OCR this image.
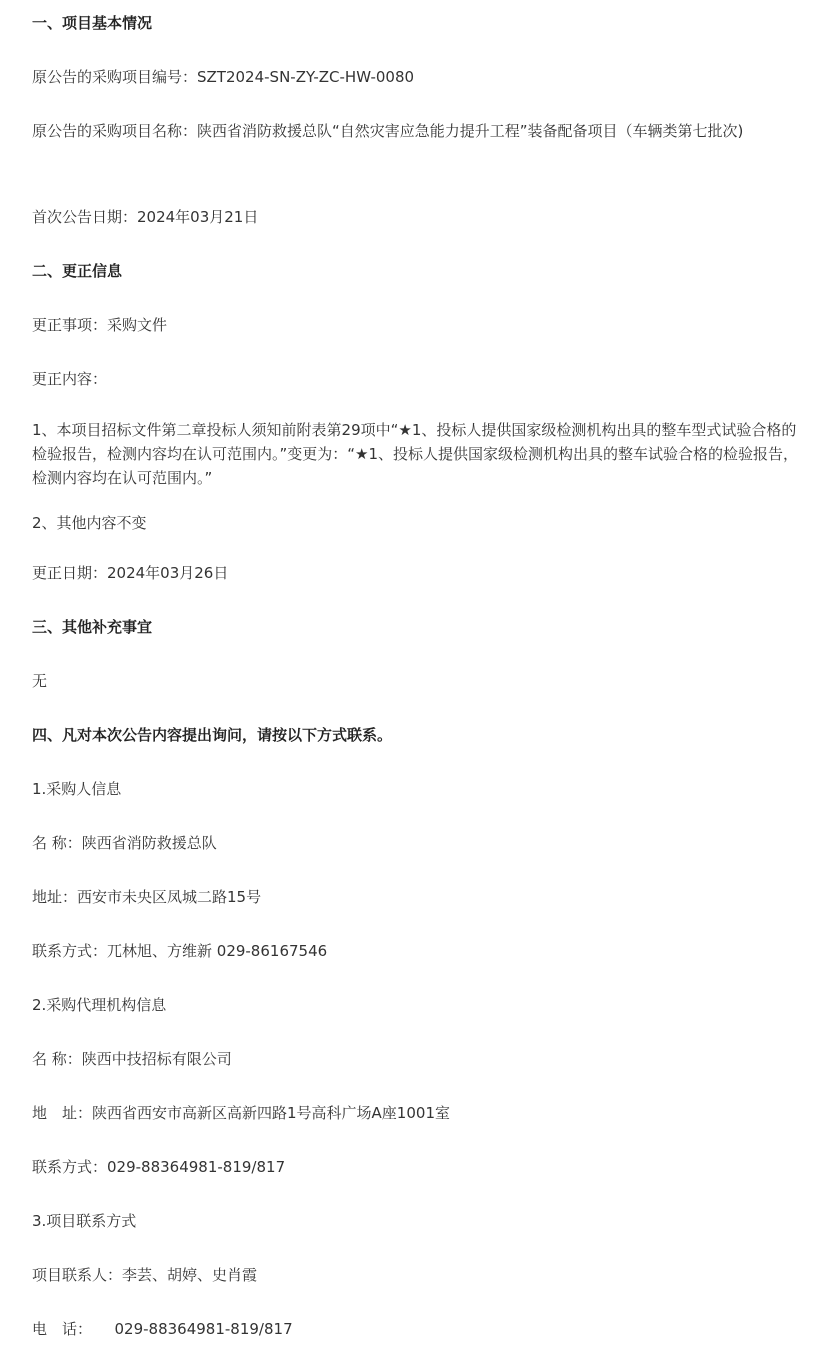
一、项目基本情况

原公告的采购项目编号：SZT2024-SN-ZY-ZC-HW-0080

原公告的采购项目名称：陕西省消防救援总队“自然灾害应急能力提升工程”装备配备项目（车辆类第七批次)

首次公告日期：2024年03月21日

二、更正信息

更正事项：采购文件

更正内容：

1、本项目招标文件第二章投标人须知前附表第29项中“★1、投标人提供国家级检测机构出具的整车型式试验合格的检验报告，检测内容均在认可范围内。”变更为：“★1、投标人提供国家级检测机构出具的整车试验合格的检验报告，检测内容均在认可范围内。”

2、其他内容不变

更正日期：2024年03月26日

三、其他补充事宜

无

四、凡对本次公告内容提出询问，请按以下方式联系。

1.采购人信息

名 称：陕西省消防救援总队

地址：西安市未央区凤城二路15号

联系方式：兀林旭、方维新 029-86167546

2.采购代理机构信息

名 称：陕西中技招标有限公司

地　址：陕西省西安市高新区高新四路1号高科广场A座1001室

联系方式：029-88364981-819/817

3.项目联系方式

项目联系人：李芸、胡婷、史肖霞

电　话：　　029-88364981-819/817
